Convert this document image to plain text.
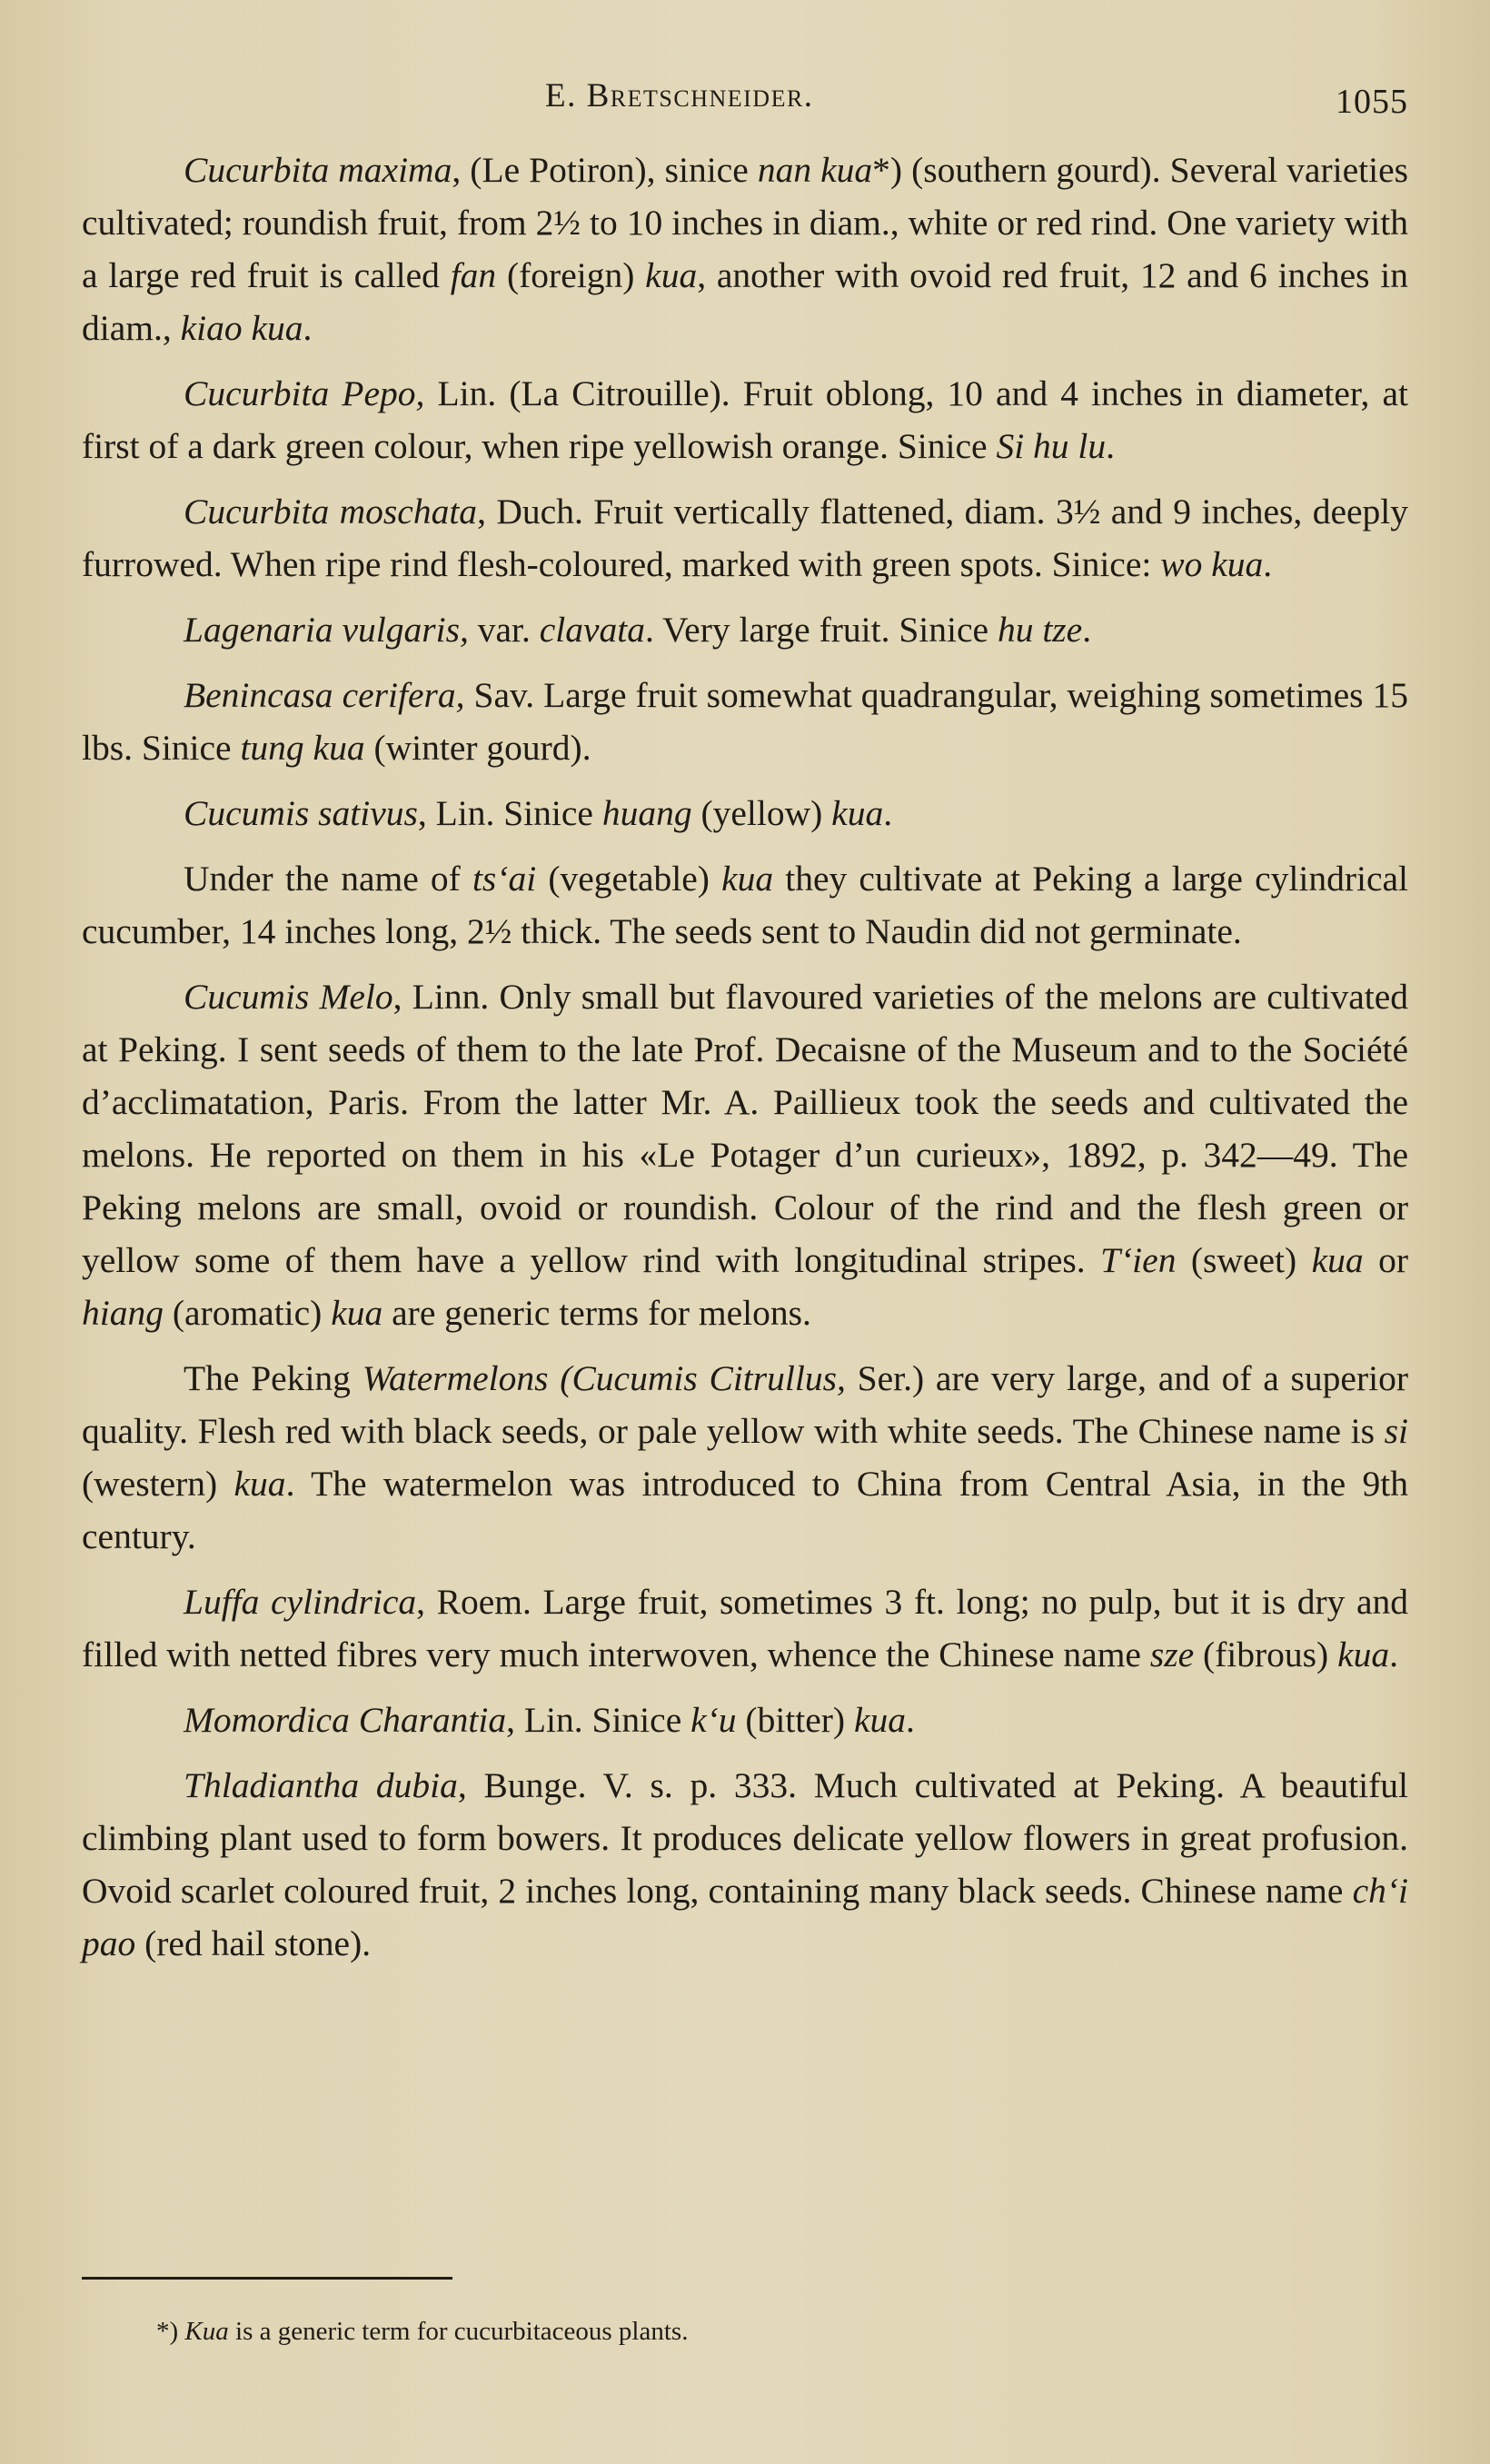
E. Bretschneider.	1055

Cucurbita maxima, (Le Potiron), sinice nan kua*) (southern gourd). Several varieties cultivated; roundish fruit, from 2½ to 10 inches in diam., white or red rind. One variety with a large red fruit is called fan (foreign) kua, another with ovoid red fruit, 12 and 6 inches in diam., kiao kua.

Cucurbita Pepo, Lin. (La Citrouille). Fruit oblong, 10 and 4 inches in diameter, at first of a dark green colour, when ripe yellowish orange. Sinice Si hu lu.

Cucurbita moschata, Duch. Fruit vertically flattened, diam. 3½ and 9 inches, deeply furrowed. When ripe rind flesh-coloured, marked with green spots. Sinice: wo kua.

Lagenaria vulgaris, var. clavata. Very large fruit. Sinice hu tze.

Benincasa cerifera, Sav. Large fruit somewhat quadrangular, weighing sometimes 15 lbs. Sinice tung kua (winter gourd).

Cucumis sativus, Lin. Sinice huang (yellow) kua.

Under the name of ts‘ai (vegetable) kua they cultivate at Peking a large cylindrical cucumber, 14 inches long, 2½ thick. The seeds sent to Naudin did not germinate.

Cucumis Melo, Linn. Only small but flavoured varieties of the melons are cultivated at Peking. I sent seeds of them to the late Prof. Decaisne of the Museum and to the Société d’acclimatation, Paris. From the latter Mr. A. Paillieux took the seeds and cultivated the melons. He reported on them in his «Le Potager d’un curieux», 1892, p. 342—49. The Peking melons are small, ovoid or roundish. Colour of the rind and the flesh green or yellow some of them have a yellow rind with longitudinal stripes. T‘ien (sweet) kua or hiang (aromatic) kua are generic terms for melons.

The Peking Watermelons (Cucumis Citrullus, Ser.) are very large, and of a superior quality. Flesh red with black seeds, or pale yellow with white seeds. The Chinese name is si (western) kua. The watermelon was introduced to China from Central Asia, in the 9th century.

Luffa cylindrica, Roem. Large fruit, sometimes 3 ft. long; no pulp, but it is dry and filled with netted fibres very much interwoven, whence the Chinese name sze (fibrous) kua.

Momordica Charantia, Lin. Sinice k‘u (bitter) kua.

Thladiantha dubia, Bunge. V. s. p. 333. Much cultivated at Peking. A beautiful climbing plant used to form bowers. It produces delicate yellow flowers in great profusion. Ovoid scarlet coloured fruit, 2 inches long, containing many black seeds. Chinese name ch‘i pao (red hail stone).

*) Kua is a generic term for cucurbitaceous plants.
